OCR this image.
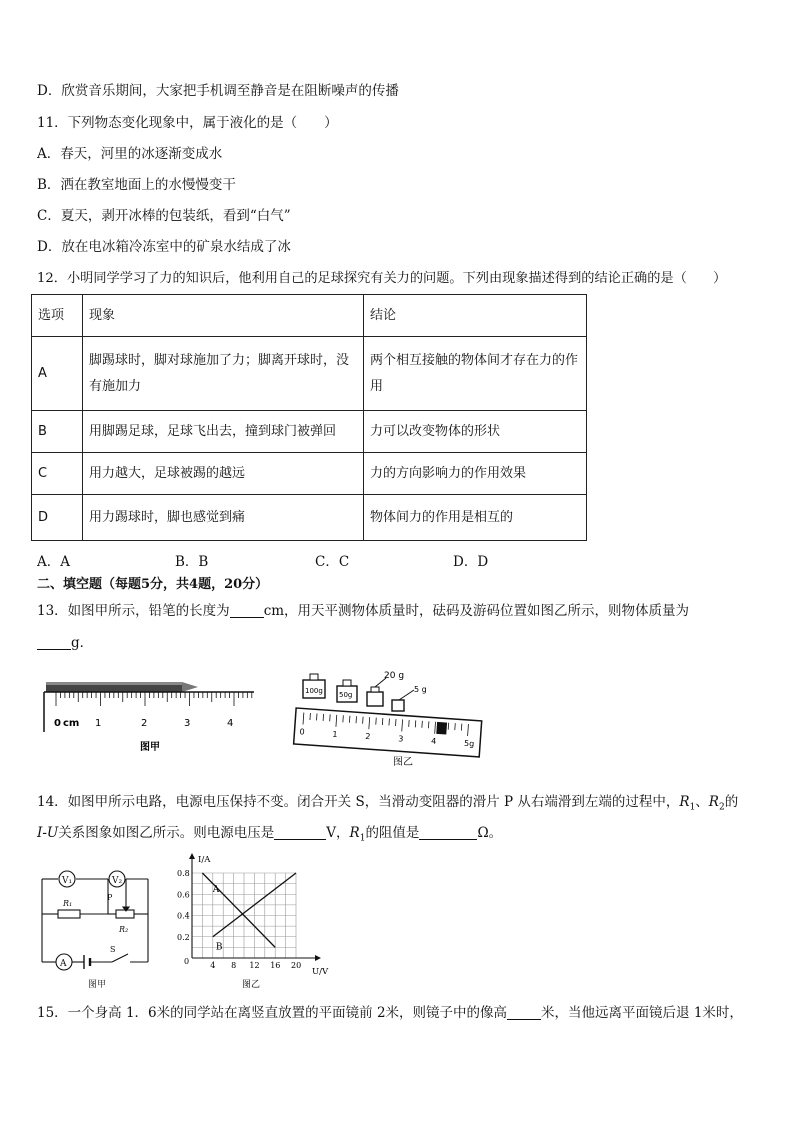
D．欣赏音乐期间，大家把手机调至静音是在阻断噪声的传播
11．下列物态变化现象中，属于液化的是（　　）
A．春天，河里的冰逐渐变成水
B．洒在教室地面上的水慢慢变干
C．夏天，剥开冰棒的包装纸，看到“白气”
D．放在电冰箱冷冻室中的矿泉水结成了冰
12．小明同学学习了力的知识后，他利用自己的足球探究有关力的问题。下列由现象描述得到的结论正确的是（　　）
选项	现象	结论
A	脚踢球时，脚对球施加了力；脚离开球时，没有施加力	两个相互接触的物体间才存在力的作用
B	用脚踢足球，足球飞出去，撞到球门被弹回	力可以改变物体的形状
C	用力越大，足球被踢的越远	力的方向影响力的作用效果
D	用力踢球时，脚也感觉到痛	物体间力的作用是相互的
A．A	B．B	C．C	D．D
二、填空题（每题5分，共4题，20分）
13．如图甲所示，铅笔的长度为	cm，用天平测物体质量时，砝码及游码位置如图乙所示，则物体质量为
g．
0 cm 1	2	3	4
图甲
100g 50g
20 g
5 g
0	1	2	3	4	5g
图乙
14．如图甲所示电路，电源电压保持不变。闭合开关 S，当滑动变阻器的滑片 P 从右端滑到左端的过程中，$R_1$、$R_2$的
I-U关系图象如图乙所示。则电源电压是	V，$R_1$的阻值是	Ω。
V₁	V₂
R₁
P
R₂
A
S
图甲
I/A
U/V
0.8
0.6
0.4
0.2
4 8 12 16 20
0
A
B
图乙
15．一个身高 1．6米的同学站在离竖直放置的平面镜前 2米，则镜子中的像高	米，当他远离平面镜后退 1米时，
